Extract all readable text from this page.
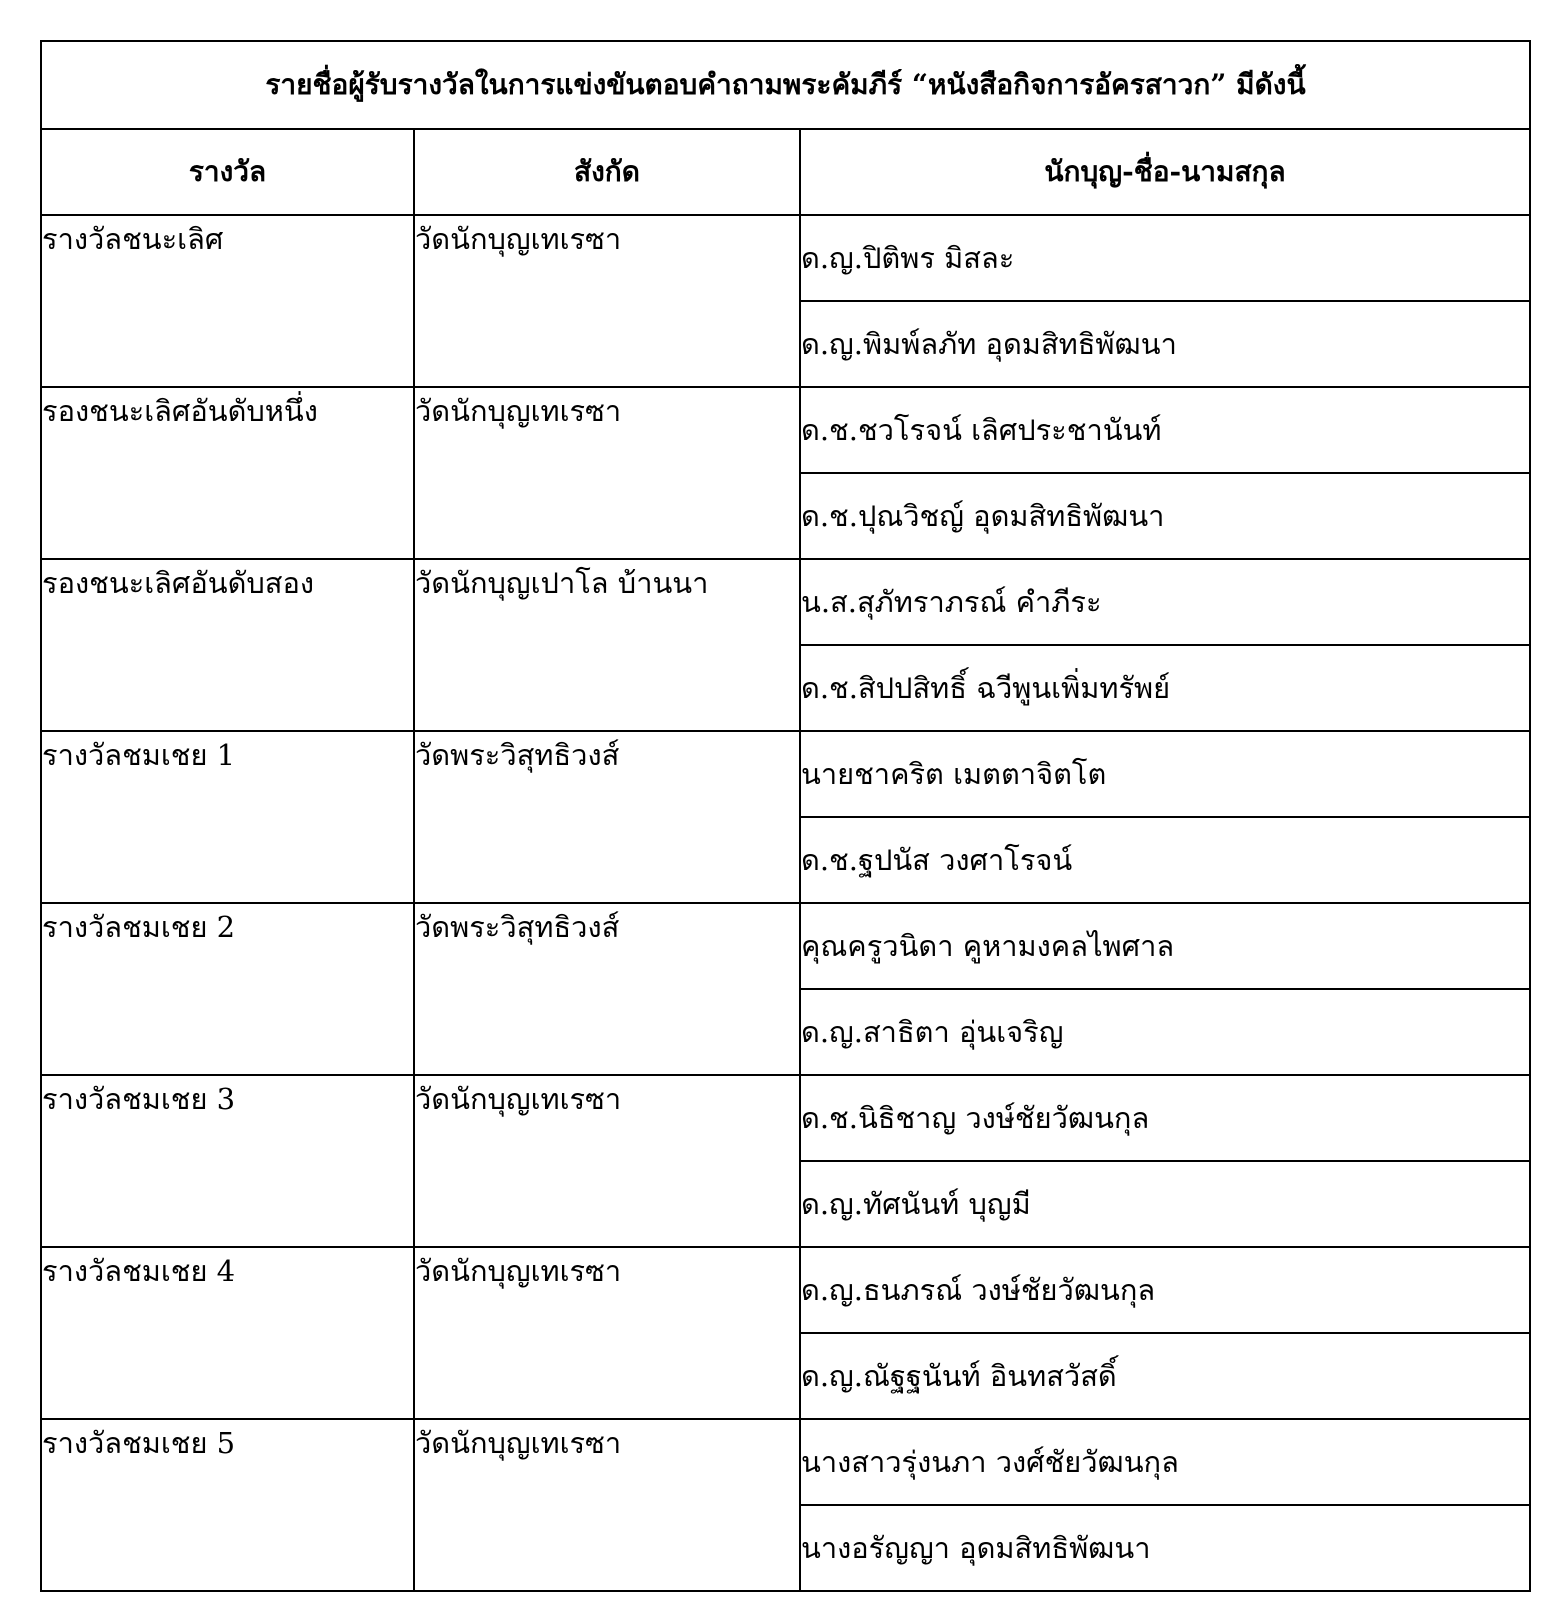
รายชื่อผู้รับรางวัลในการแข่งขันตอบคำถามพระคัมภีร์ “หนังสือกิจการอัครสาวก” มีดังนี้		
รางวัล	สังกัด	นักบุญ-ชื่อ-นามสกุล
รางวัลชนะเลิศ	วัดนักบุญเทเรซา	ด.ญ.ปิติพร มิสละ
		ด.ญ.พิมพ์ลภัท อุดมสิทธิพัฒนา
รองชนะเลิศอันดับหนึ่ง	วัดนักบุญเทเรซา	ด.ช.ชวโรจน์ เลิศประชานันท์
		ด.ช.ปุณวิชญ์ อุดมสิทธิพัฒนา
รองชนะเลิศอันดับสอง	วัดนักบุญเปาโล บ้านนา	น.ส.สุภัทราภรณ์ คำภีระ
		ด.ช.สิปปสิทธิ์ ฉวีพูนเพิ่มทรัพย์
รางวัลชมเชย 1	วัดพระวิสุทธิวงส์	นายชาคริต เมตตาจิตโต
		ด.ช.ฐปนัส วงศาโรจน์
รางวัลชมเชย 2	วัดพระวิสุทธิวงส์	คุณครูวนิดา คูหามงคลไพศาล
		ด.ญ.สาธิตา อุ่นเจริญ
รางวัลชมเชย 3	วัดนักบุญเทเรซา	ด.ช.นิธิชาญ วงษ์ชัยวัฒนกุล
		ด.ญ.ทัศนันท์ บุญมี
รางวัลชมเชย 4	วัดนักบุญเทเรซา	ด.ญ.ธนภรณ์ วงษ์ชัยวัฒนกุล
		ด.ญ.ณัฐฐนันท์ อินทสวัสดิ์
รางวัลชมเชย 5	วัดนักบุญเทเรซา	นางสาวรุ่งนภา วงศ์ชัยวัฒนกุล
		นางอรัญญา อุดมสิทธิพัฒนา
